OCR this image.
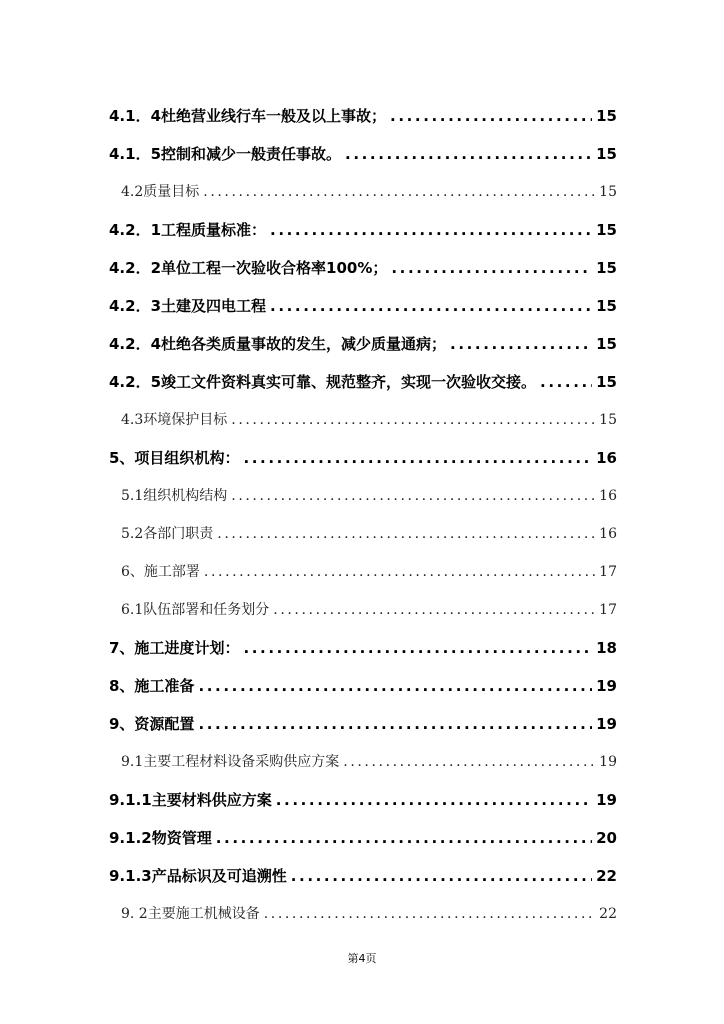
4.1．4杜绝营业线行车一般及以上事故； .....	15
4.1．5控制和减少一般责任事故。 .....	15
4.2质量目标 .....	15
4.2．1工程质量标准： .....	15
4.2．2单位工程一次验收合格率100%； .....	15
4.2．3土建及四电工程 .....	15
4.2．4杜绝各类质量事故的发生，减少质量通病； .....	15
4.2．5竣工文件资料真实可靠、规范整齐，实现一次验收交接。 .....	15
4.3环境保护目标 .....	15
5、项目组织机构： .....	16
5.1组织机构结构 .....	16
5.2各部门职责 .....	16
6、施工部署 .....	17
6.1队伍部署和任务划分 .....	17
7、施工进度计划： .....	18
8、施工准备 .....	19
9、资源配置 .....	19
9.1主要工程材料设备采购供应方案 .....	19
9.1.1主要材料供应方案 .....	19
9.1.2物资管理 .....	20
9.1.3产品标识及可追溯性 .....	22
9. 2主要施工机械设备 .....	22
第4页
